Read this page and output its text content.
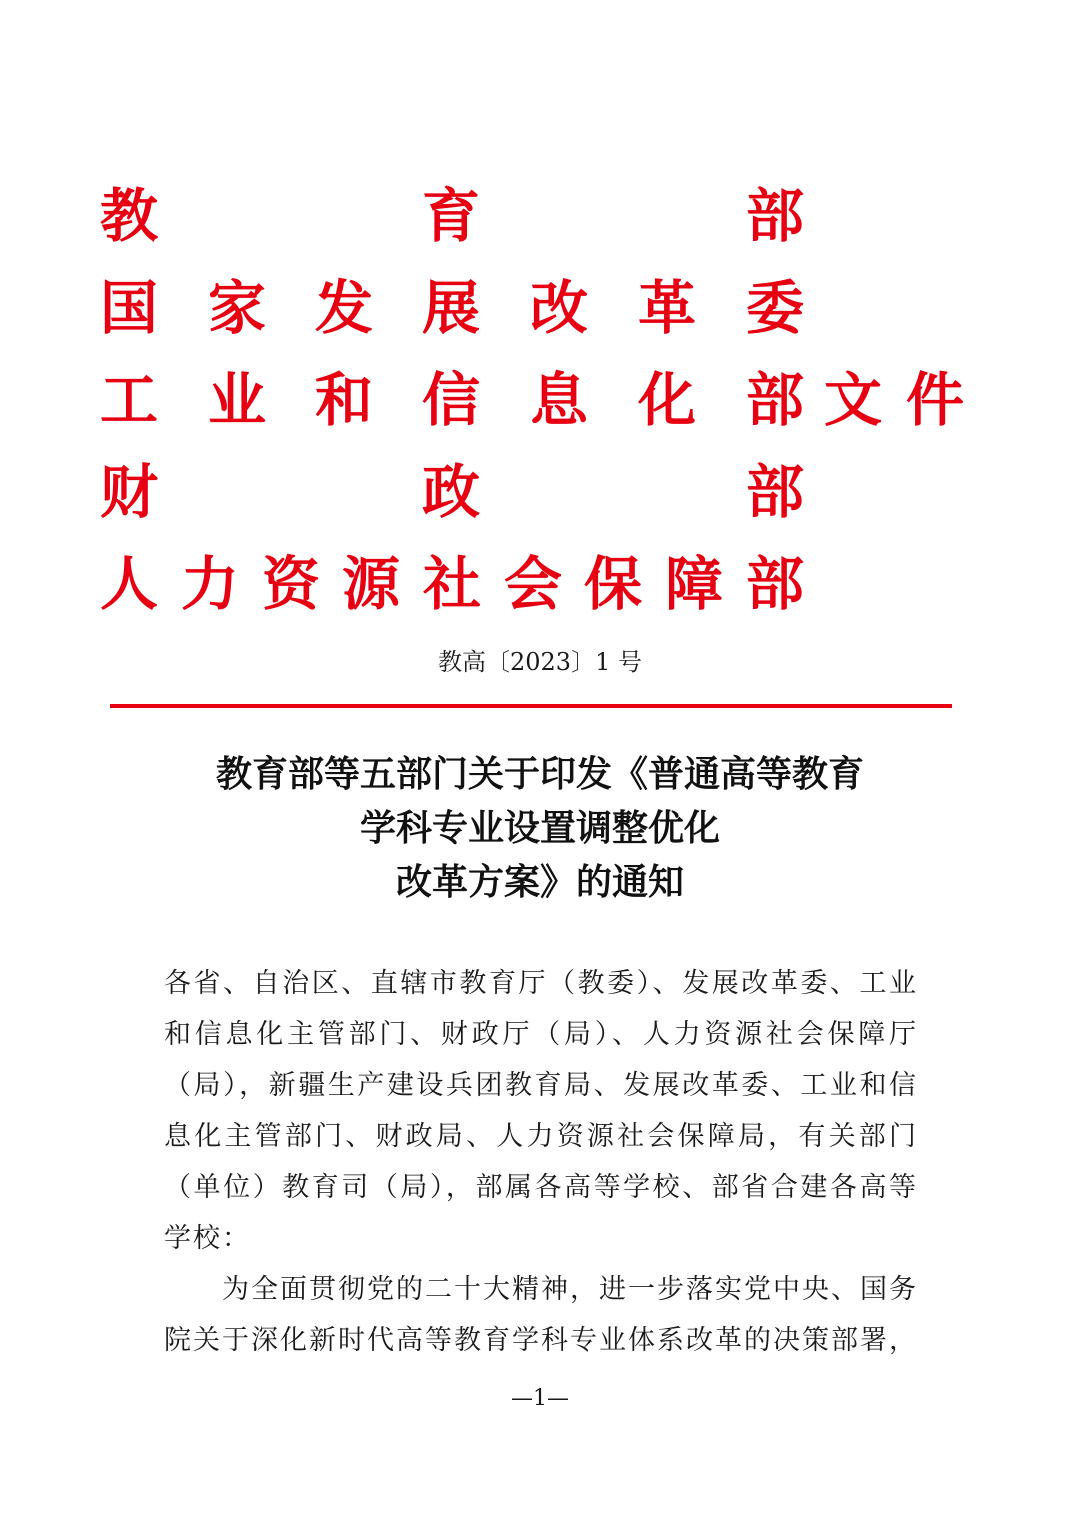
教	育	部
国 家 发 展 改 革 委
工 业 和 信 息 化 部 文 件
财	政	部
人 力 资 源 社 会 保 障 部
教高〔2023〕1 号
教育部等五部门关于印发《普通高等教育
学科专业设置调整优化
改革方案》的通知

各省、自治区、直辖市教育厅（教委）、发展改革委、工业和信息化主管部门、财政厅（局）、人力资源社会保障厅（局），新疆生产建设兵团教育局、发展改革委、工业和信息化主管部门、财政局、人力资源社会保障局，有关部门（单位）教育司（局），部属各高等学校、部省合建各高等学校：

为全面贯彻党的二十大精神，进一步落实党中央、国务院关于深化新时代高等教育学科专业体系改革的决策部署，

—1—
